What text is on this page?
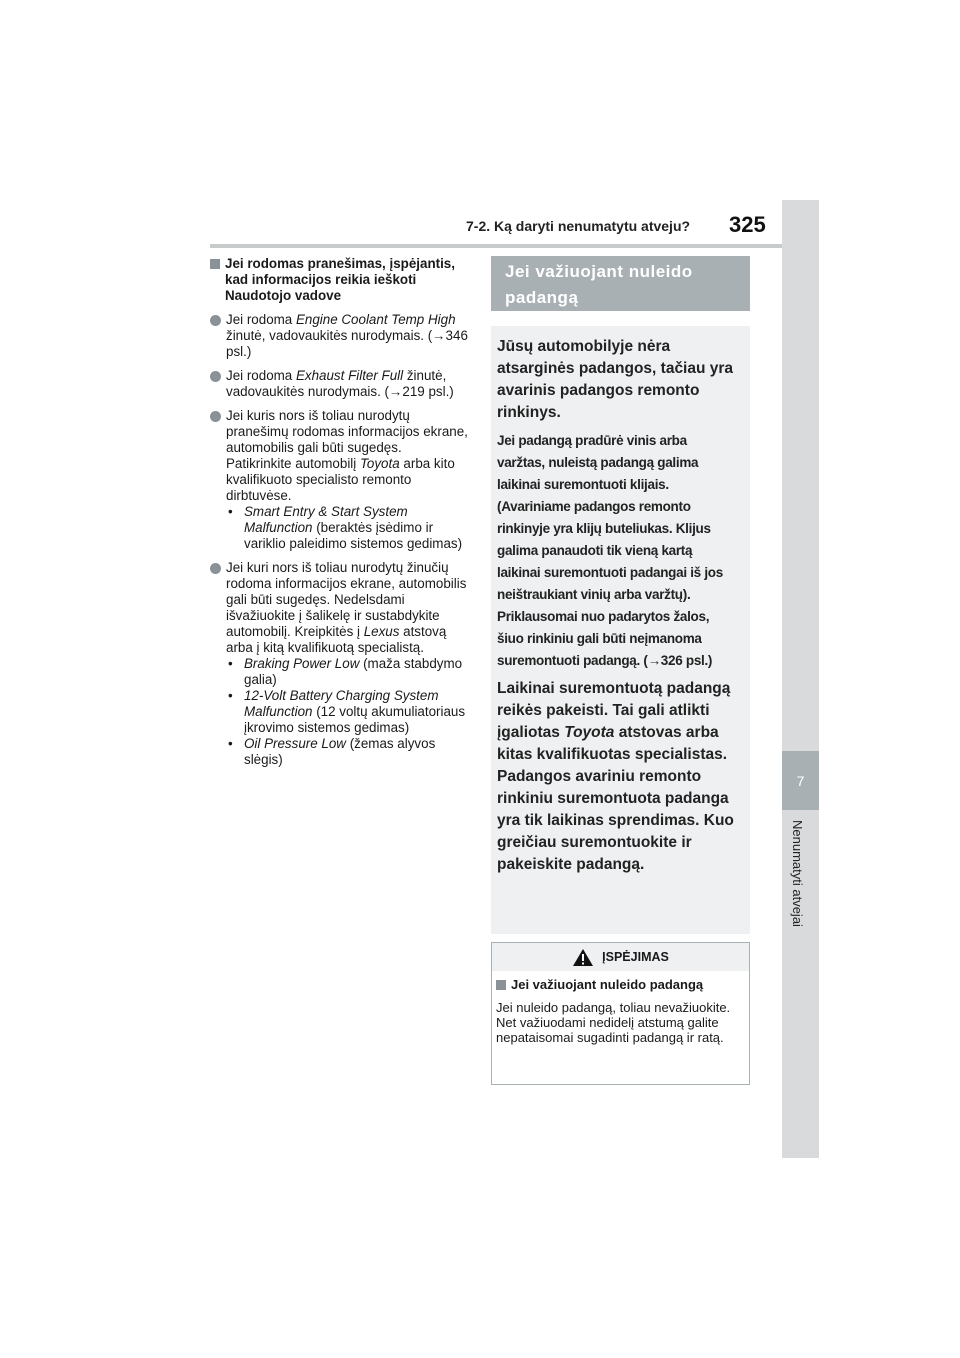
7
Nenumatyti atvejai
7-2. Ką daryti nenumatytu atveju? 325
Jei rodomas pranešimas, įspėjantis, kad informacijos reikia ieškoti Naudotojo vadove
Jei rodoma Engine Coolant Temp High žinutė, vadovaukitės nurodymais. (→346 psl.)
Jei rodoma Exhaust Filter Full žinutė, vadovaukitės nurodymais. (→219 psl.)
Jei kuris nors iš toliau nurodytų pranešimų rodomas informacijos ekrane, automobilis gali būti sugedęs. Patikrinkite automobilį Toyota arba kito kvalifikuoto specialisto remonto dirbtuvėse.
• Smart Entry & Start System Malfunction (beraktės įsėdimo ir variklio paleidimo sistemos gedimas)
Jei kuri nors iš toliau nurodytų žinučių rodoma informacijos ekrane, automobilis gali būti sugedęs. Nedelsdami išvažiuokite į šalikelę ir sustabdykite automobilį. Kreipkitės į Lexus atstovą arba į kitą kvalifikuotą specialistą.
• Braking Power Low (maža stabdymo galia)
• 12-Volt Battery Charging System Malfunction (12 voltų akumuliatoriaus įkrovimo sistemos gedimas)
• Oil Pressure Low (žemas alyvos slėgis)
Jei važiuojant nuleido padangą
Jūsų automobilyje nėra atsarginės padangos, tačiau yra avarinis padangos remonto rinkinys.
Jei padangą pradūrė vinis arba varžtas, nuleistą padangą galima laikinai suremontuoti klijais. (Avariniame padangos remonto rinkinyje yra klijų buteliukas. Klijus galima panaudoti tik vieną kartą laikinai suremontuoti padangai iš jos neištraukiant vinių arba varžtų). Priklausomai nuo padarytos žalos, šiuo rinkiniu gali būti neįmanoma suremontuoti padangą. (→326 psl.)
Laikinai suremontuotą padangą reikės pakeisti. Tai gali atlikti įgaliotas Toyota atstovas arba kitas kvalifikuotas specialistas. Padangos avariniu remonto rinkiniu suremontuota padanga yra tik laikinas sprendimas. Kuo greičiau suremontuokite ir pakeiskite padangą.
ĮSPĖJIMAS
Jei važiuojant nuleido padangą
Jei nuleido padangą, toliau nevažiuokite. Net važiuodami nedidelį atstumą galite nepataisomai sugadinti padangą ir ratą.
